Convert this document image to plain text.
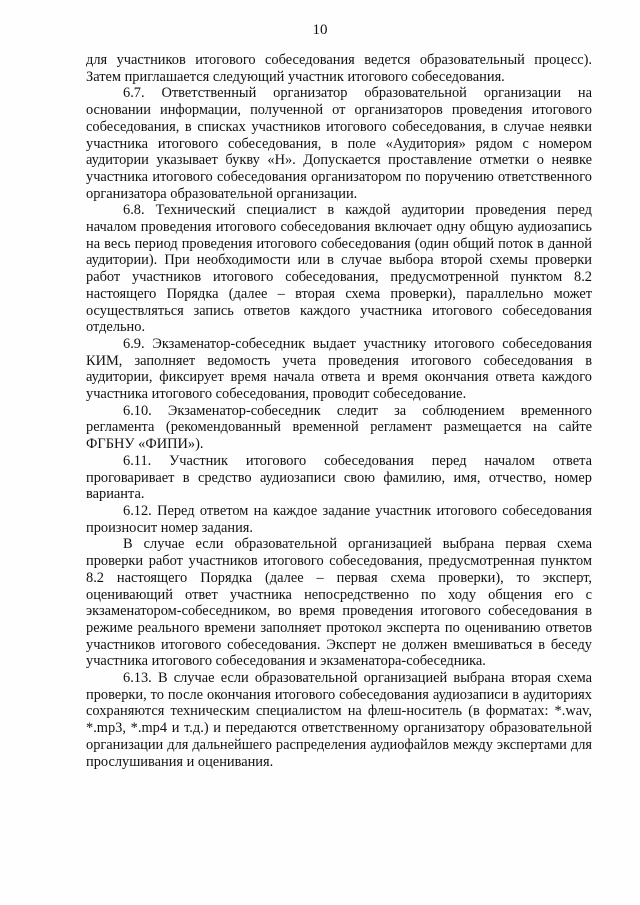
10

для участников итогового собеседования ведется образовательный процесс). Затем приглашается следующий участник итогового собеседования.

6.7. Ответственный организатор образовательной организации на основании информации, полученной от организаторов проведения итогового собеседования, в списках участников итогового собеседования, в случае неявки участника итогового собеседования, в поле «Аудитория» рядом с номером аудитории указывает букву «Н». Допускается проставление отметки о неявке участника итогового собеседования организатором по поручению ответственного организатора образовательной организации.

6.8. Технический специалист в каждой аудитории проведения перед началом проведения итогового собеседования включает одну общую аудиозапись на весь период проведения итогового собеседования (один общий поток в данной аудитории). При необходимости или в случае выбора второй схемы проверки работ участников итогового собеседования, предусмотренной пунктом 8.2 настоящего Порядка (далее – вторая схема проверки), параллельно может осуществляться запись ответов каждого участника итогового собеседования отдельно.

6.9. Экзаменатор-собеседник выдает участнику итогового собеседования КИМ, заполняет ведомость учета проведения итогового собеседования в аудитории, фиксирует время начала ответа и время окончания ответа каждого участника итогового собеседования, проводит собеседование.

6.10. Экзаменатор-собеседник следит за соблюдением временного регламента (рекомендованный временной регламент размещается на сайте ФГБНУ «ФИПИ»).

6.11. Участник итогового собеседования перед началом ответа проговаривает в средство аудиозаписи свою фамилию, имя, отчество, номер варианта.

6.12. Перед ответом на каждое задание участник итогового собеседования произносит номер задания.

В случае если образовательной организацией выбрана первая схема проверки работ участников итогового собеседования, предусмотренная пунктом 8.2 настоящего Порядка (далее – первая схема проверки), то эксперт, оценивающий ответ участника непосредственно по ходу общения его с экзаменатором-собеседником, во время проведения итогового собеседования в режиме реального времени заполняет протокол эксперта по оцениванию ответов участников итогового собеседования. Эксперт не должен вмешиваться в беседу участника итогового собеседования и экзаменатора-собеседника.

6.13. В случае если образовательной организацией выбрана вторая схема проверки, то после окончания итогового собеседования аудиозаписи в аудиториях сохраняются техническим специалистом на флеш-носитель (в форматах: *.wav, *.mp3, *.mp4 и т.д.) и передаются ответственному организатору образовательной организации для дальнейшего распределения аудиофайлов между экспертами для прослушивания и оценивания.
